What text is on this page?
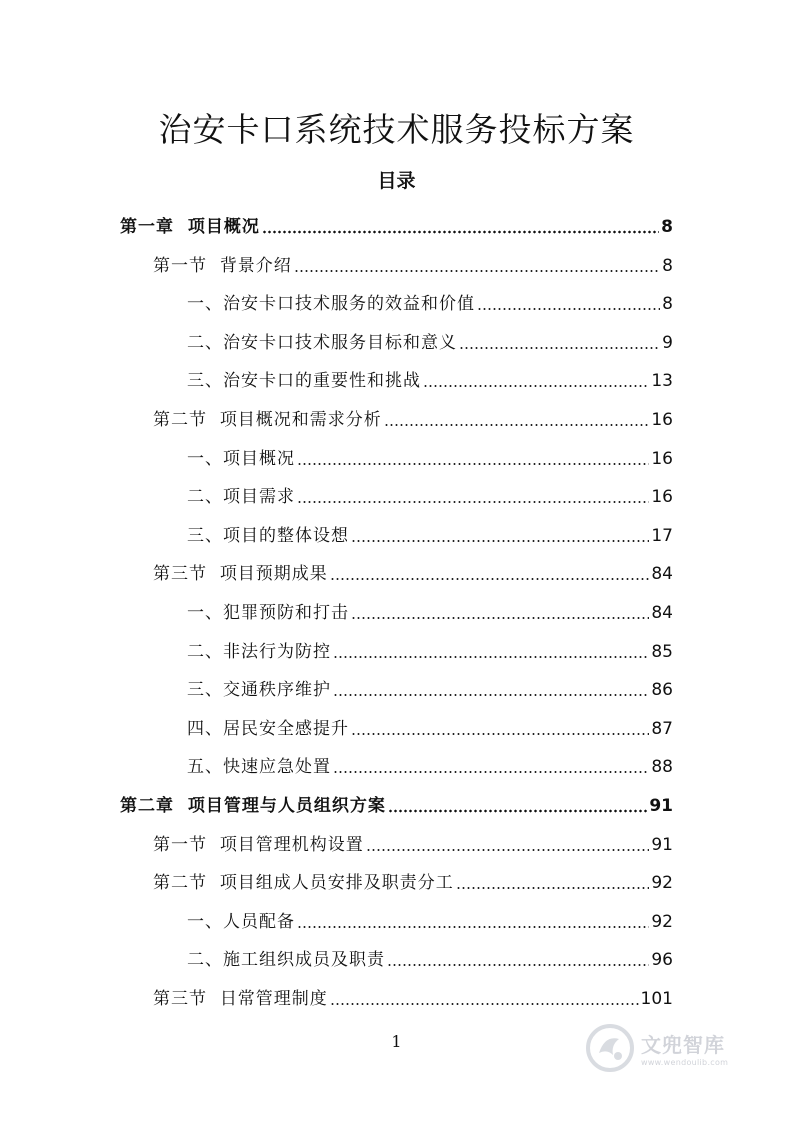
治安卡口系统技术服务投标方案
目录
第一章 项目概况	8
第一节 背景介绍	8
一、 治安卡口技术服务的效益和价值	8
二、 治安卡口技术服务目标和意义	9
三、 治安卡口的重要性和挑战	13
第二节 项目概况和需求分析	16
一、 项目概况	16
二、 项目需求	16
三、 项目的整体设想	17
第三节 项目预期成果	84
一、 犯罪预防和打击	84
二、 非法行为防控	85
三、 交通秩序维护	86
四、 居民安全感提升	87
五、 快速应急处置	88
第二章 项目管理与人员组织方案	91
第一节 项目管理机构设置	91
第二节 项目组成人员安排及职责分工	92
一、 人员配备	92
二、 施工组织成员及职责	96
第三节 日常管理制度	101
1	文兜智库
www.wendoulib.com
